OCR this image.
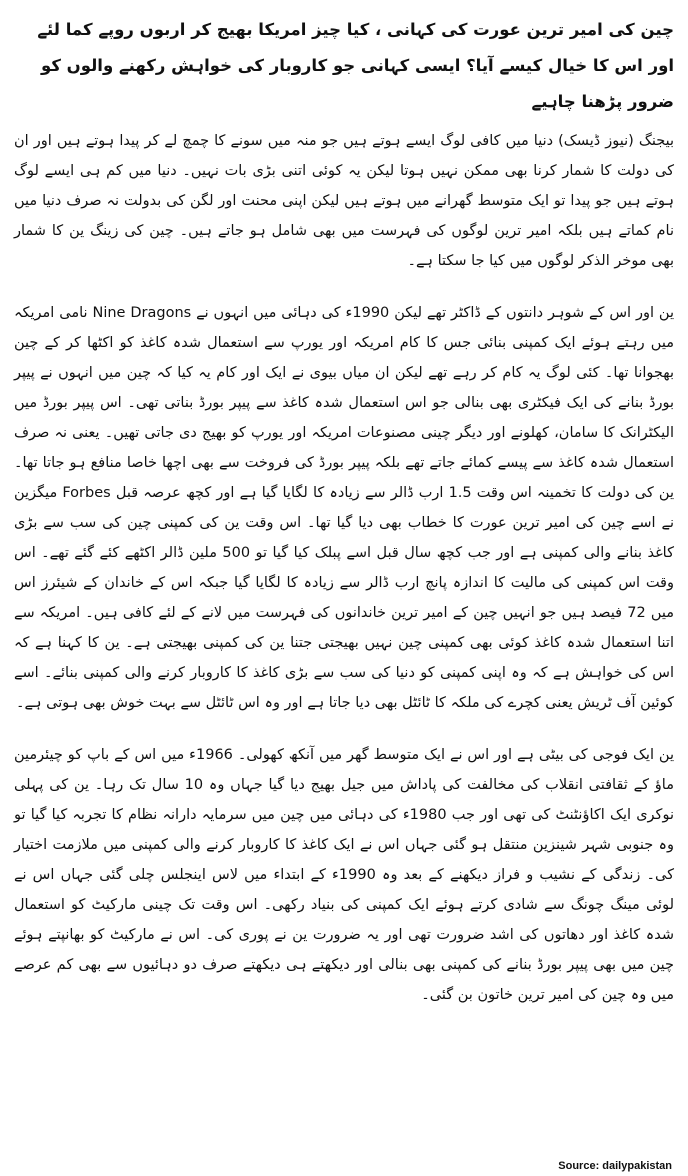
چین کی امیر ترین عورت کی کہانی ، کیا چیز امریکا بھیج کر اربوں روپے کما لئے اور اس کا خیال کیسے آیا؟ ایسی کہانی جو کاروبار کی خواہش رکھنے والوں کو ضرور پڑھنا چاہیے

بیجنگ (نیوز ڈیسک) دنیا میں کافی لوگ ایسے ہوتے ہیں جو منہ میں سونے کا چمچ لے کر پیدا ہوتے ہیں اور ان کی دولت کا شمار کرنا بھی ممکن نہیں ہوتا لیکن یہ کوئی اتنی بڑی بات نہیں۔ دنیا میں کم ہی ایسے لوگ ہوتے ہیں جو پیدا تو ایک متوسط گھرانے میں ہوتے ہیں لیکن اپنی محنت اور لگن کی بدولت نہ صرف دنیا میں نام کماتے ہیں بلکہ امیر ترین لوگوں کی فہرست میں بھی شامل ہو جاتے ہیں۔ چین کی زینگ ین کا شمار بھی موخر الذکر لوگوں میں کیا جا سکتا ہے۔

ین اور اس کے شوہر دانتوں کے ڈاکٹر تھے لیکن 1990ء کی دہائی میں انہوں نے Nine Dragons نامی امریکہ میں رہتے ہوئے ایک کمپنی بنائی جس کا کام امریکہ اور یورپ سے استعمال شدہ کاغذ کو اکٹھا کر کے چین بھجوانا تھا۔ کئی لوگ یہ کام کر رہے تھے لیکن ان میاں بیوی نے ایک اور کام یہ کیا کہ چین میں انہوں نے پیپر بورڈ بنانے کی ایک فیکٹری بھی بنالی جو اس استعمال شدہ کاغذ سے پیپر بورڈ بناتی تھی۔ اس پیپر بورڈ میں الیکٹرانک کا سامان، کھلونے اور دیگر چینی مصنوعات امریکہ اور یورپ کو بھیج دی جاتی تھیں۔ یعنی نہ صرف استعمال شدہ کاغذ سے پیسے کمائے جاتے تھے بلکہ پیپر بورڈ کی فروخت سے بھی اچھا خاصا منافع ہو جاتا تھا۔ ین کی دولت کا تخمینہ اس وقت 1.5 ارب ڈالر سے زیادہ کا لگایا گیا ہے اور کچھ عرصہ قبل Forbes میگزین نے اسے چین کی امیر ترین عورت کا خطاب بھی دیا گیا تھا۔ اس وقت ین کی کمپنی چین کی سب سے بڑی کاغذ بنانے والی کمپنی ہے اور جب کچھ سال قبل اسے پبلک کیا گیا تو 500 ملین ڈالر اکٹھے کئے گئے تھے۔ اس وقت اس کمپنی کی مالیت کا اندازہ پانچ ارب ڈالر سے زیادہ کا لگایا گیا جبکہ اس کے خاندان کے شیئرز اس میں 72 فیصد ہیں جو انہیں چین کے امیر ترین خاندانوں کی فہرست میں لانے کے لئے کافی ہیں۔ امریکہ سے اتنا استعمال شدہ کاغذ کوئی بھی کمپنی چین نہیں بھیجتی جتنا ین کی کمپنی بھیجتی ہے۔ ین کا کہنا ہے کہ اس کی خواہش ہے کہ وہ اپنی کمپنی کو دنیا کی سب سے بڑی کاغذ کا کاروبار کرنے والی کمپنی بنائے۔ اسے کوئین آف ٹریش یعنی کچرے کی ملکہ کا ٹائٹل بھی دیا جاتا ہے اور وہ اس ٹائٹل سے بہت خوش بھی ہوتی ہے۔

ین ایک فوجی کی بیٹی ہے اور اس نے ایک متوسط گھر میں آنکھ کھولی۔ 1966ء میں اس کے باپ کو چیئرمین ماؤ کے ثقافتی انقلاب کی مخالفت کی پاداش میں جیل بھیج دیا گیا جہاں وہ 10 سال تک رہا۔ ین کی پہلی نوکری ایک اکاؤنٹنٹ کی تھی اور جب 1980ء کی دہائی میں چین میں سرمایہ دارانہ نظام کا تجربہ کیا گیا تو وہ جنوبی شہر شینزین منتقل ہو گئی جہاں اس نے ایک کاغذ کا کاروبار کرنے والی کمپنی میں ملازمت اختیار کی۔ زندگی کے نشیب و فراز دیکھنے کے بعد وہ 1990ء کے ابتداء میں لاس اینجلس چلی گئی جہاں اس نے لوئی مینگ چونگ سے شادی کرتے ہوئے ایک کمپنی کی بنیاد رکھی۔ اس وقت تک چینی مارکیٹ کو استعمال شدہ کاغذ اور دھاتوں کی اشد ضرورت تھی اور یہ ضرورت ین نے پوری کی۔ اس نے مارکیٹ کو بھانپتے ہوئے چین میں بھی پیپر بورڈ بنانے کی کمپنی بھی بنالی اور دیکھتے ہی دیکھتے صرف دو دہائیوں سے بھی کم عرصے میں وہ چین کی امیر ترین خاتون بن گئی۔

Source: dailypakistan
